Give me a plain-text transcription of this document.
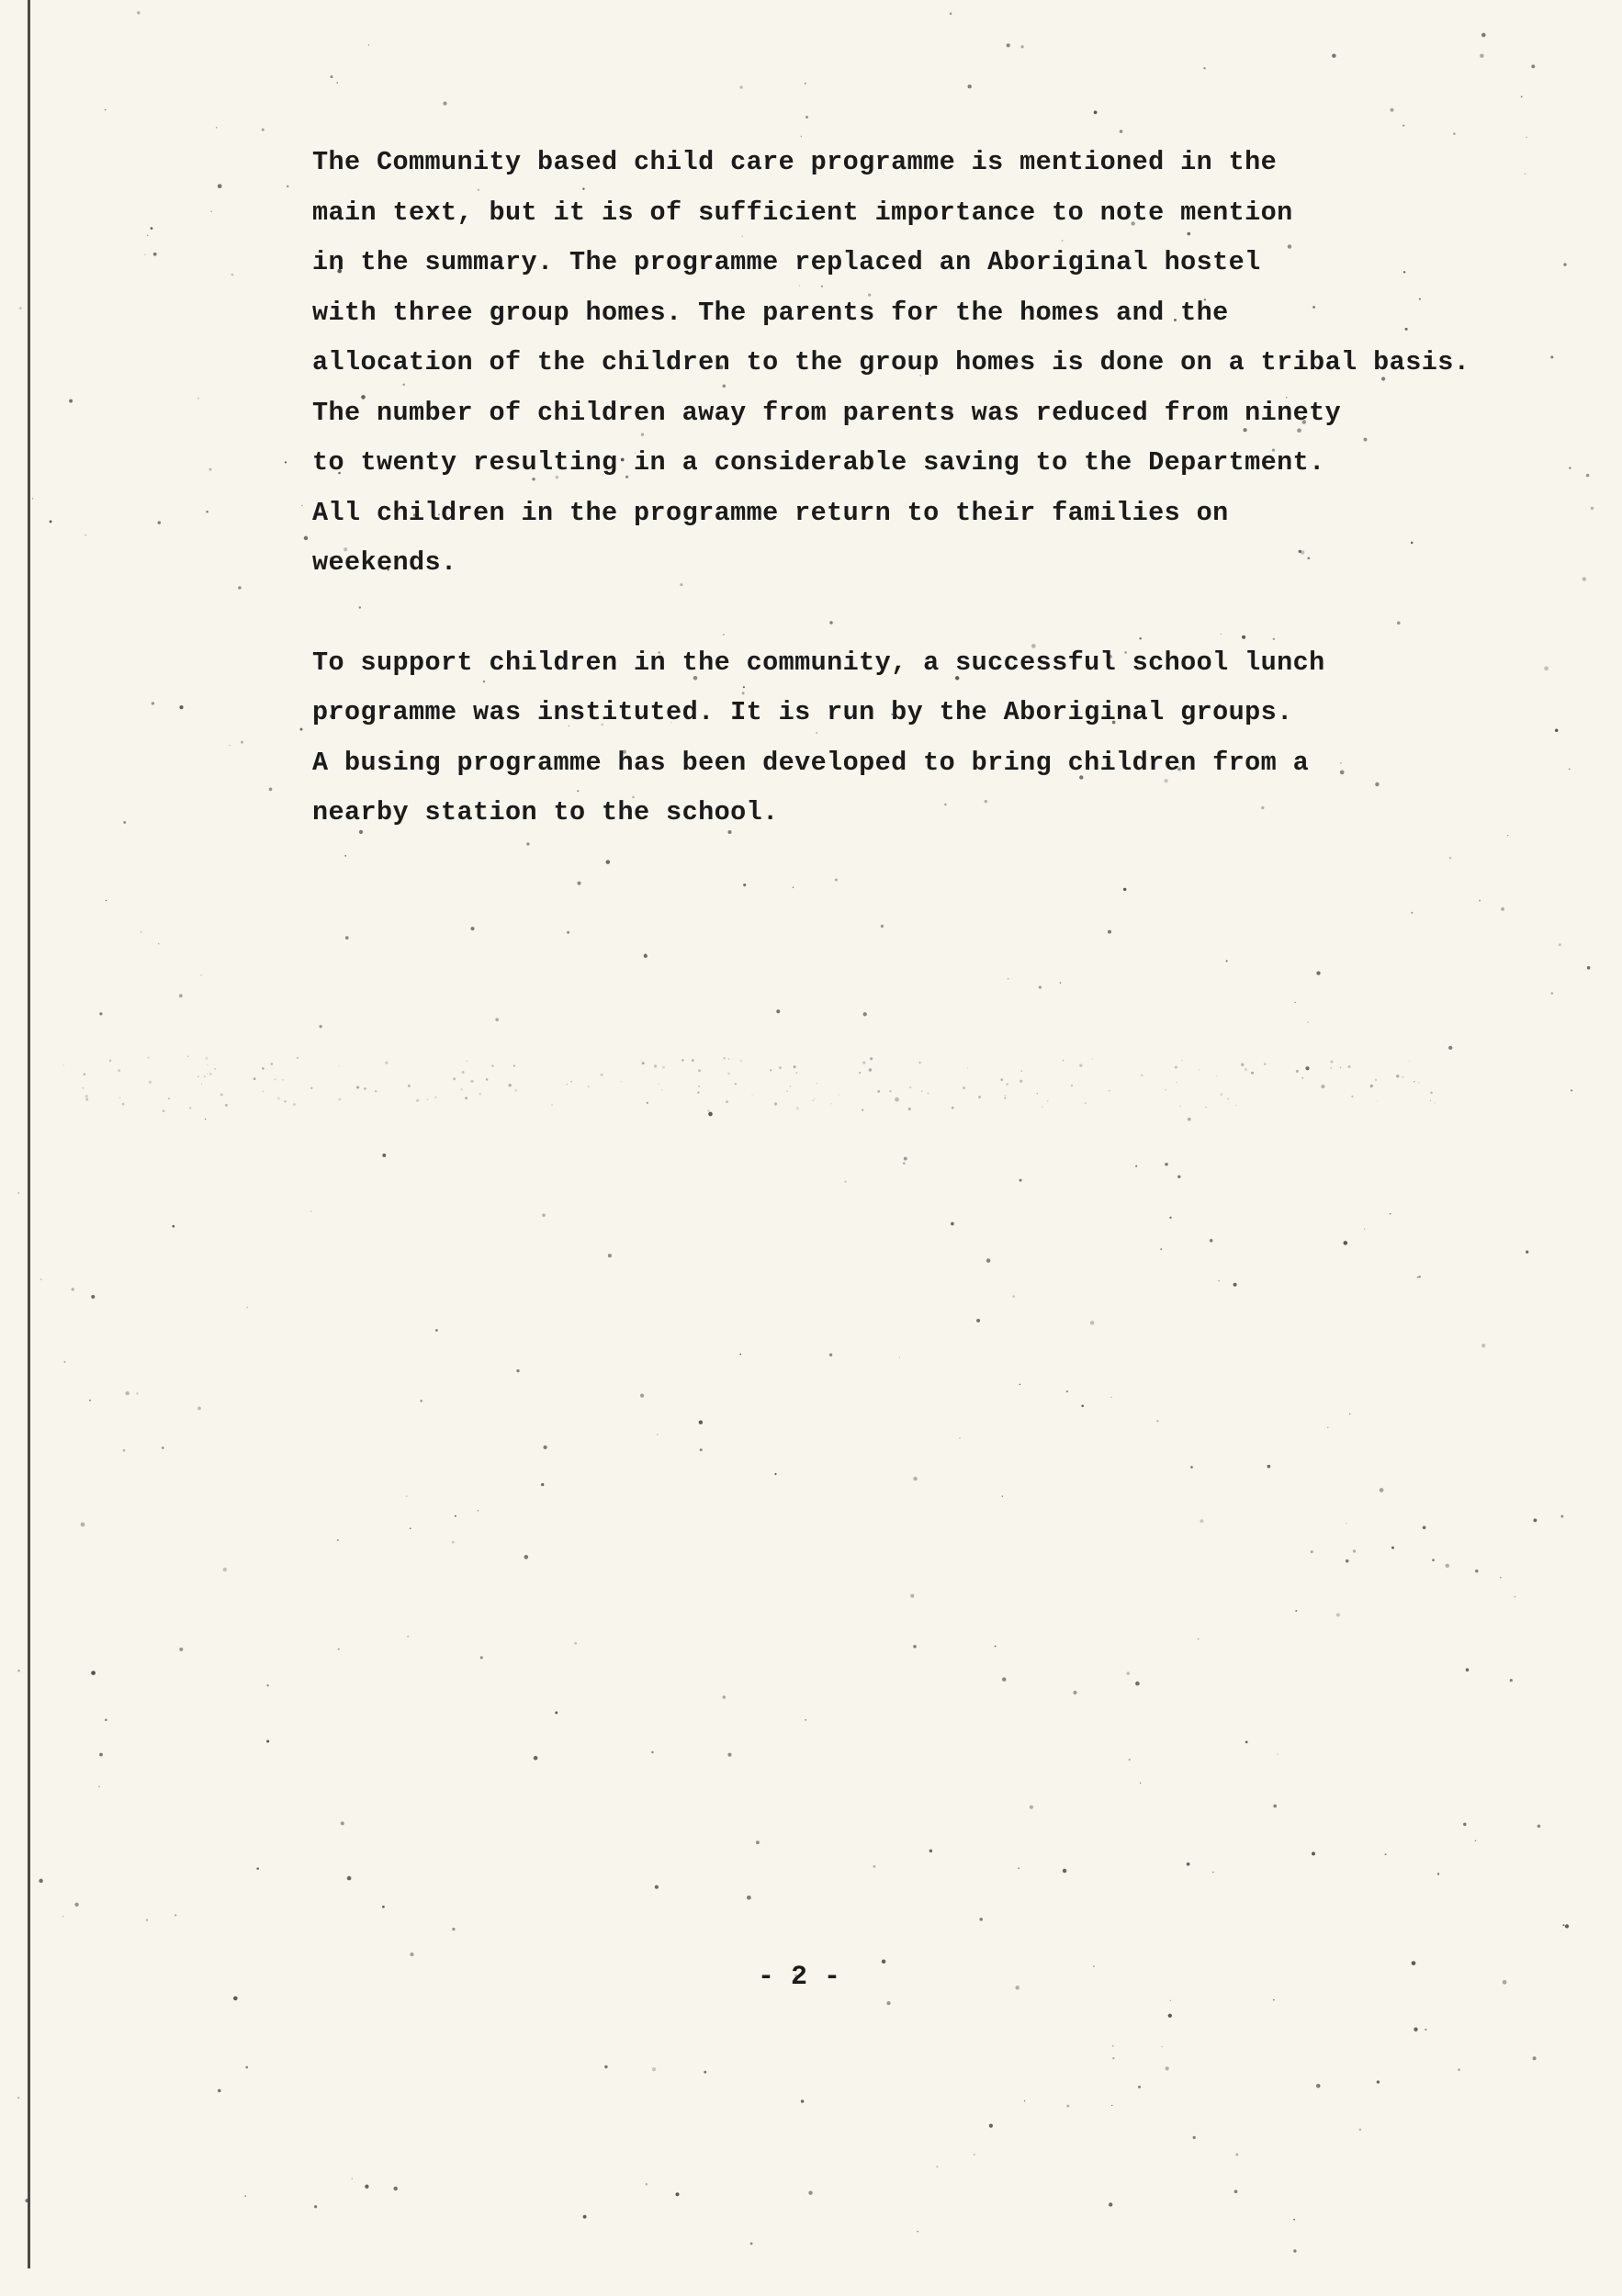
The Community based child care programme is mentioned in the
main text, but it is of sufficient importance to note mention
in the summary. The programme replaced an Aboriginal hostel
with three group homes. The parents for the homes and the
allocation of the children to the group homes is done on a tribal basis.
The number of children away from parents was reduced from ninety
to twenty resulting in a considerable saving to the Department.
All children in the programme return to their families on
weekends.
To support children in the community, a successful school lunch
programme was instituted. It is run by the Aboriginal groups.
A busing programme has been developed to bring children from a
nearby station to the school.
- 2 -
